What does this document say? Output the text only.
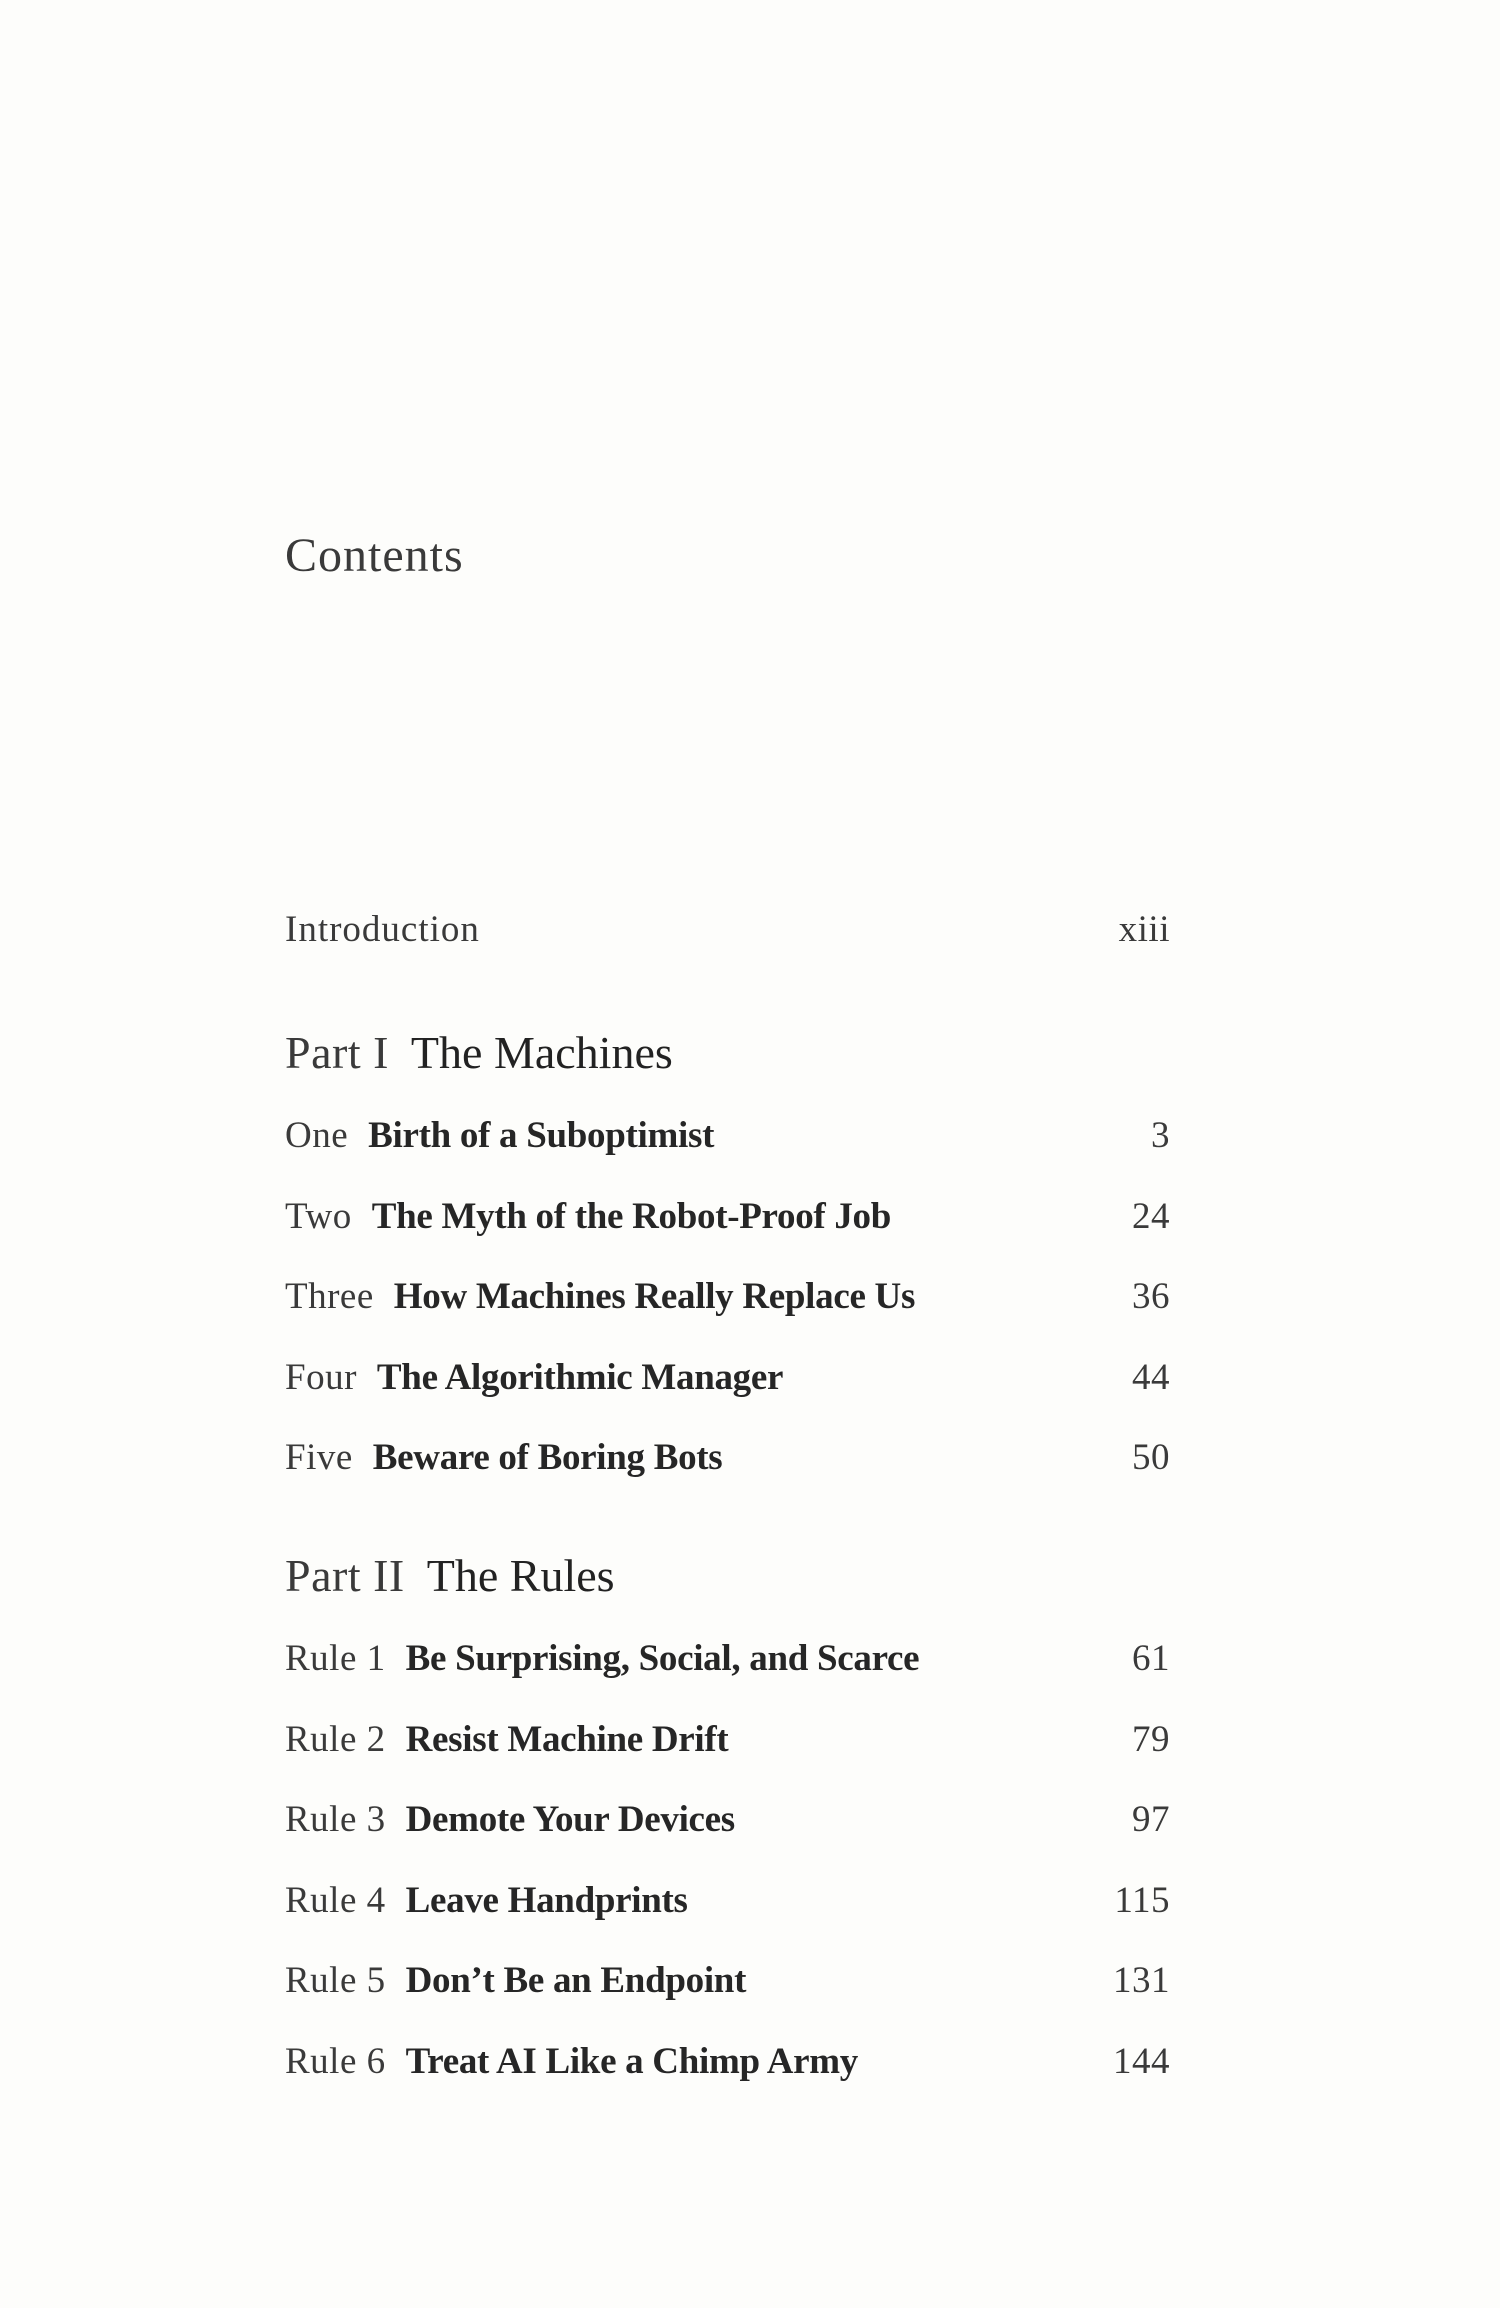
Contents
Introduction	xiii
Part I The Machines
One Birth of a Suboptimist	3
Two The Myth of the Robot-Proof Job	24
Three How Machines Really Replace Us	36
Four The Algorithmic Manager	44
Five Beware of Boring Bots	50
Part II The Rules
Rule 1 Be Surprising, Social, and Scarce	61
Rule 2 Resist Machine Drift	79
Rule 3 Demote Your Devices	97
Rule 4 Leave Handprints	115
Rule 5 Don’t Be an Endpoint	131
Rule 6 Treat AI Like a Chimp Army	144
